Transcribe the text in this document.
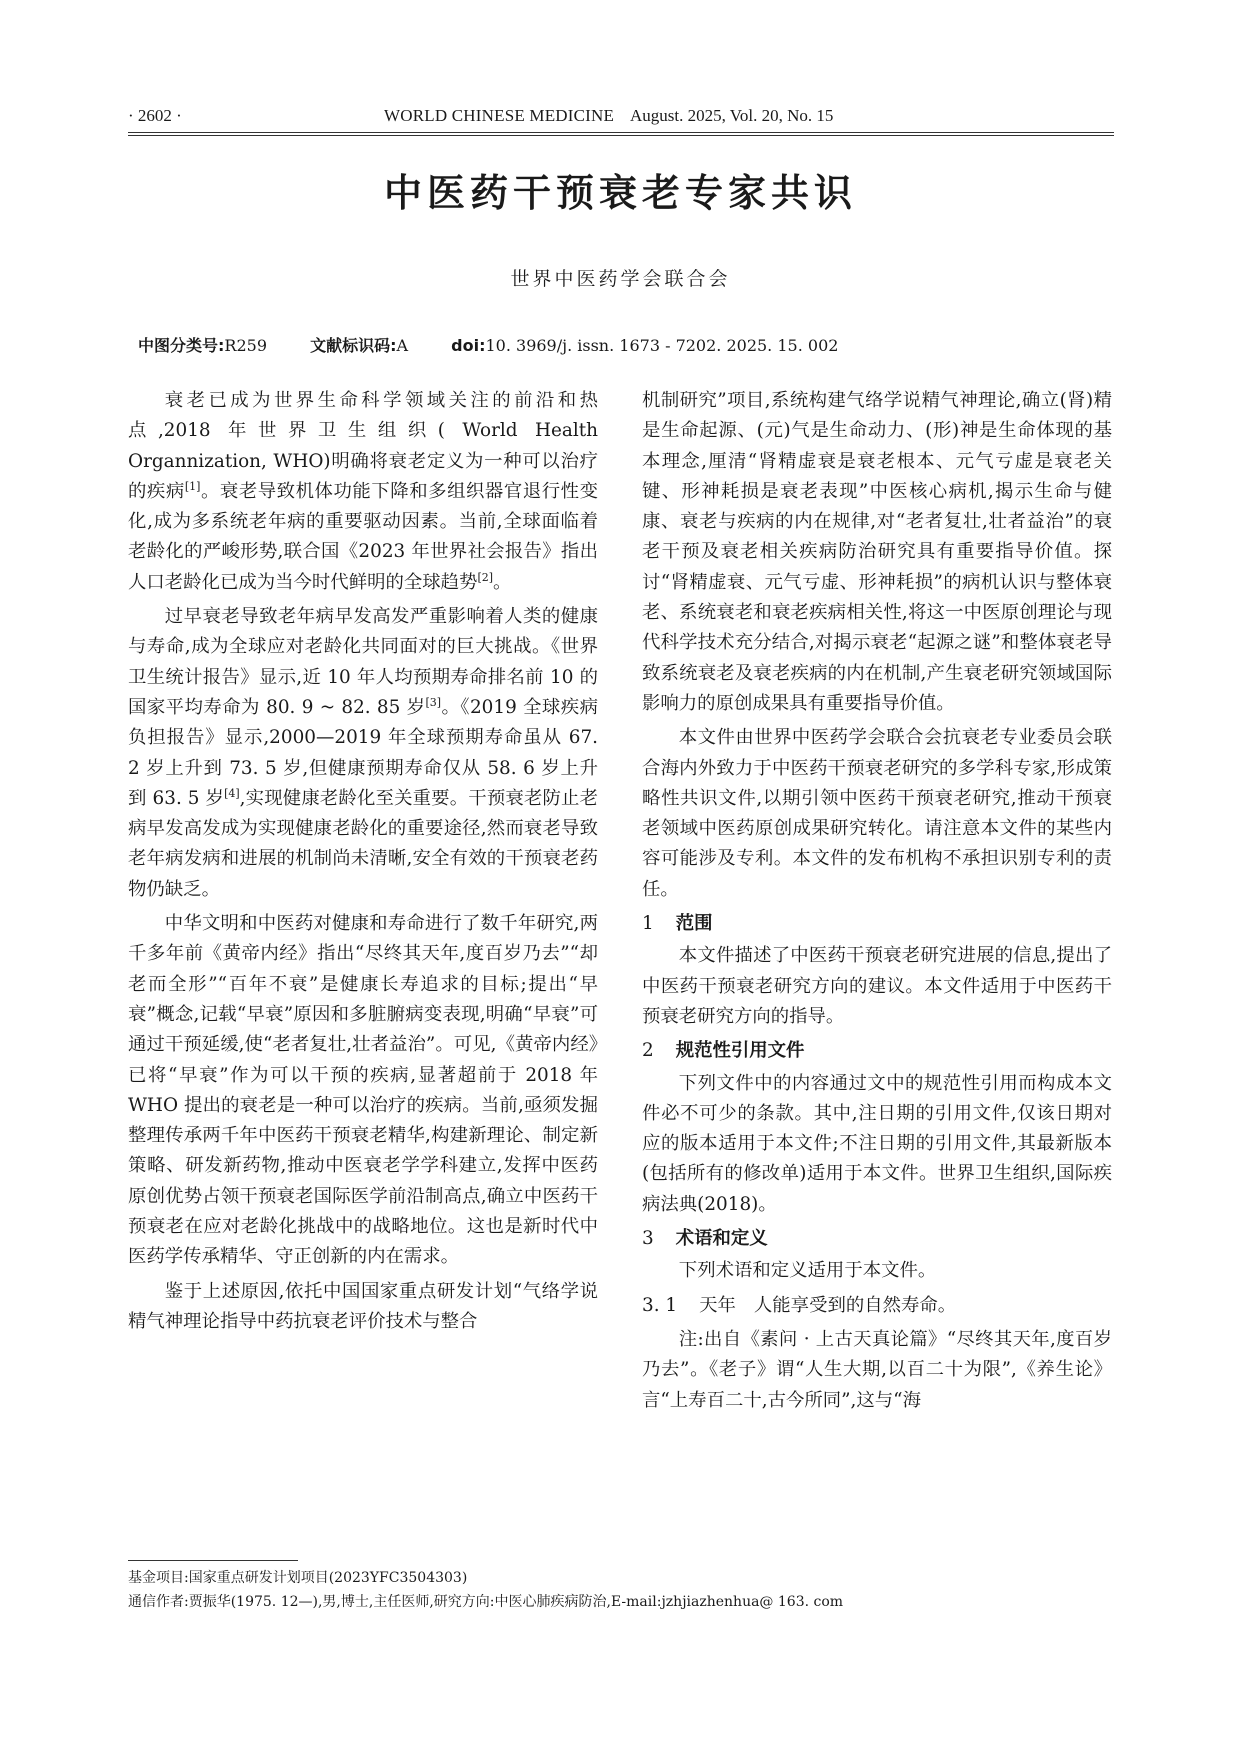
· 2602 ·	WORLD CHINESE MEDICINE August. 2025, Vol. 20, No. 15
中医药干预衰老专家共识
世界中医药学会联合会
中图分类号:R259	文献标识码:A	doi:10. 3969/j. issn. 1673 - 7202. 2025. 15. 002

衰老已成为世界生命科学领域关注的前沿和热点,2018 年世界卫生组织( World Health Organnization, WHO)明确将衰老定义为一种可以治疗的疾病[1]。衰老导致机体功能下降和多组织器官退行性变化,成为多系统老年病的重要驱动因素。当前,全球面临着老龄化的严峻形势,联合国《2023 年世界社会报告》指出人口老龄化已成为当今时代鲜明的全球趋势[2]。

过早衰老导致老年病早发高发严重影响着人类的健康与寿命,成为全球应对老龄化共同面对的巨大挑战。《世界卫生统计报告》显示,近 10 年人均预期寿命排名前 10 的国家平均寿命为 80. 9 ~ 82. 85 岁[3]。《2019 全球疾病负担报告》显示,2000—2019 年全球预期寿命虽从 67. 2 岁上升到 73. 5 岁,但健康预期寿命仅从 58. 6 岁上升到 63. 5 岁[4],实现健康老龄化至关重要。干预衰老防止老病早发高发成为实现健康老龄化的重要途径,然而衰老导致老年病发病和进展的机制尚未清晰,安全有效的干预衰老药物仍缺乏。

中华文明和中医药对健康和寿命进行了数千年研究,两千多年前《黄帝内经》指出“尽终其天年,度百岁乃去”“却老而全形”“百年不衰”是健康长寿追求的目标;提出“早衰”概念,记载“早衰”原因和多脏腑病变表现,明确“早衰”可通过干预延缓,使“老者复壮,壮者益治”。可见,《黄帝内经》已将“早衰”作为可以干预的疾病,显著超前于 2018 年 WHO 提出的衰老是一种可以治疗的疾病。当前,亟须发掘整理传承两千年中医药干预衰老精华,构建新理论、制定新策略、研发新药物,推动中医衰老学学科建立,发挥中医药原创优势占领干预衰老国际医学前沿制高点,确立中医药干预衰老在应对老龄化挑战中的战略地位。这也是新时代中医药学传承精华、守正创新的内在需求。

鉴于上述原因,依托中国国家重点研发计划“气络学说精气神理论指导中药抗衰老评价技术与整合

机制研究”项目,系统构建气络学说精气神理论,确立(肾)精是生命起源、(元)气是生命动力、(形)神是生命体现的基本理念,厘清“肾精虚衰是衰老根本、元气亏虚是衰老关键、形神耗损是衰老表现”中医核心病机,揭示生命与健康、衰老与疾病的内在规律,对“老者复壮,壮者益治”的衰老干预及衰老相关疾病防治研究具有重要指导价值。探讨“肾精虚衰、元气亏虚、形神耗损”的病机认识与整体衰老、系统衰老和衰老疾病相关性,将这一中医原创理论与现代科学技术充分结合,对揭示衰老“起源之谜”和整体衰老导致系统衰老及衰老疾病的内在机制,产生衰老研究领域国际影响力的原创成果具有重要指导价值。

本文件由世界中医药学会联合会抗衰老专业委员会联合海内外致力于中医药干预衰老研究的多学科专家,形成策略性共识文件,以期引领中医药干预衰老研究,推动干预衰老领域中医药原创成果研究转化。请注意本文件的某些内容可能涉及专利。本文件的发布机构不承担识别专利的责任。

1 范围

本文件描述了中医药干预衰老研究进展的信息,提出了中医药干预衰老研究方向的建议。本文件适用于中医药干预衰老研究方向的指导。

2 规范性引用文件

下列文件中的内容通过文中的规范性引用而构成本文件必不可少的条款。其中,注日期的引用文件,仅该日期对应的版本适用于本文件;不注日期的引用文件,其最新版本(包括所有的修改单)适用于本文件。世界卫生组织,国际疾病法典(2018)。

3 术语和定义

下列术语和定义适用于本文件。

3. 1 天年 人能享受到的自然寿命。

注:出自《素问 · 上古天真论篇》“尽终其天年,度百岁乃去”。《老子》谓“人生大期,以百二十为限”,《养生论》言“上寿百二十,古今所同”,这与“海

基金项目:国家重点研发计划项目(2023YFC3504303)
通信作者:贾振华(1975. 12—),男,博士,主任医师,研究方向:中医心肺疾病防治,E-mail:jzhjiazhenhua@ 163. com
